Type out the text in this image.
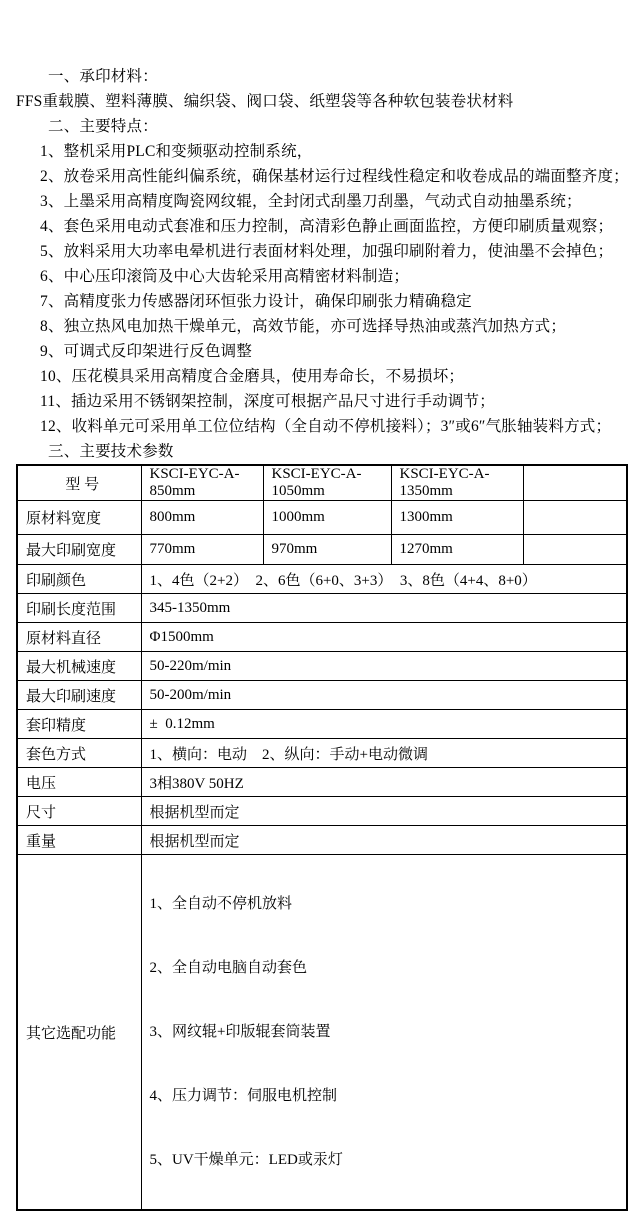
一、承印材料：
FFS重载膜、塑料薄膜、编织袋、阀口袋、纸塑袋等各种软包装卷状材料
二、主要特点：
1、整机采用PLC和变频驱动控制系统，
2、放卷采用高性能纠偏系统，确保基材运行过程线性稳定和收卷成品的端面整齐度；
3、上墨采用高精度陶瓷网纹辊，全封闭式刮墨刀刮墨，气动式自动抽墨系统；
4、套色采用电动式套准和压力控制，高清彩色静止画面监控，方便印刷质量观察；
5、放料采用大功率电晕机进行表面材料处理，加强印刷附着力，使油墨不会掉色；
6、中心压印滚筒及中心大齿轮采用高精密材料制造；
7、高精度张力传感器闭环恒张力设计，确保印刷张力精确稳定
8、独立热风电加热干燥单元，高效节能，亦可选择导热油或蒸汽加热方式；
9、可调式反印架进行反色调整
10、压花模具采用高精度合金磨具，使用寿命长，不易损坏；
11、插边采用不锈钢架控制，深度可根据产品尺寸进行手动调节；
12、收料单元可采用单工位位结构（全自动不停机接料）；3″或6″气胀轴装料方式；
三、主要技术参数
型 号	KSCI-EYC-A-850mm	KSCI-EYC-A-1050mm	KSCI-EYC-A-1350mm	
原材料宽度	800mm	1000mm	1300mm	
最大印刷宽度	770mm	970mm	1270mm	
印刷颜色	1、4色（2+2）  2、6色（6+0、3+3）  3、8色（4+4、8+0）			
印刷长度范围	345-1350mm			
原材料直径	Φ1500mm			
最大机械速度	50-220m/min			
最大印刷速度	50-200m/min			
套印精度	±  0.12mm			
套色方式	1、横向：电动    2、纵向：手动+电动微调			
电压	3相380V 50HZ			
尺寸	根据机型而定			
重量	根据机型而定			
其它选配功能	1、全自动不停机放料

2、全自动电脑自动套色

3、网纹辊+印版辊套筒装置

4、压力调节：伺服电机控制

5、UV干燥单元：LED或汞灯			
